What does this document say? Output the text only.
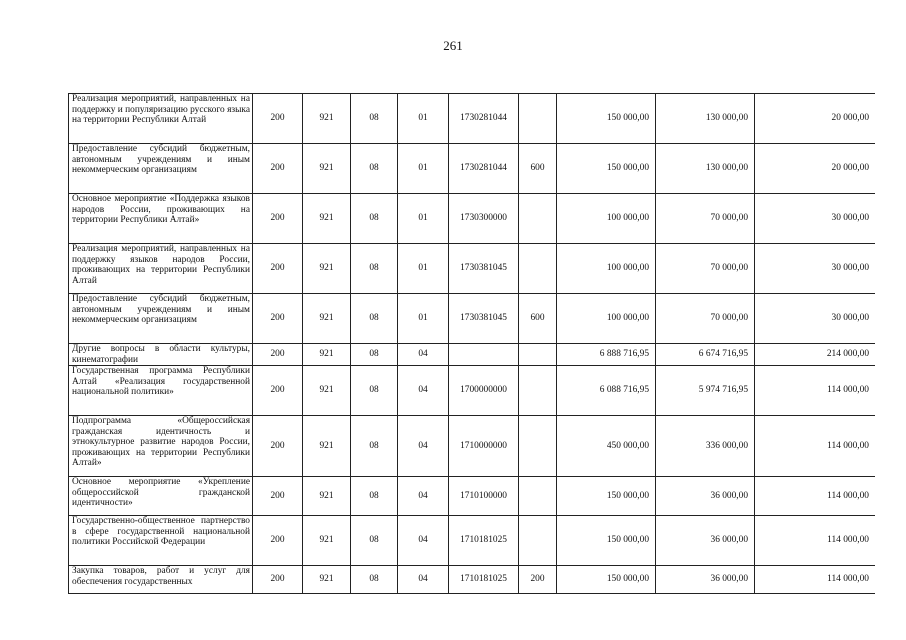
261
Реализация мероприятий, направленных на поддержку и популяризацию русского языка на территории Республики Алтай	200	921	08	01	1730281044		150 000,00	130 000,00	20 000,00
Предоставление субсидий бюджетным, автономным учреждениям и иным некоммерческим организациям	200	921	08	01	1730281044	600	150 000,00	130 000,00	20 000,00
Основное мероприятие «Поддержка языков народов России, проживающих на территории Республики Алтай»	200	921	08	01	1730300000		100 000,00	70 000,00	30 000,00
Реализация мероприятий, направленных на поддержку языков народов России, проживающих на территории Республики Алтай	200	921	08	01	1730381045		100 000,00	70 000,00	30 000,00
Предоставление субсидий бюджетным, автономным учреждениям и иным некоммерческим организациям	200	921	08	01	1730381045	600	100 000,00	70 000,00	30 000,00
Другие вопросы в области культуры, кинематографии	200	921	08	04			6 888 716,95	6 674 716,95	214 000,00
Государственная программа Республики Алтай «Реализация государственной национальной политики»	200	921	08	04	1700000000		6 088 716,95	5 974 716,95	114 000,00
Подпрограмма «Общероссийская гражданская идентичность и этнокультурное развитие народов России, проживающих на территории Республики Алтай»	200	921	08	04	1710000000		450 000,00	336 000,00	114 000,00
Основное мероприятие «Укрепление общероссийской гражданской идентичности»	200	921	08	04	1710100000		150 000,00	36 000,00	114 000,00
Государственно-общественное партнерство в сфере государственной национальной политики Российской Федерации	200	921	08	04	1710181025		150 000,00	36 000,00	114 000,00
Закупка товаров, работ и услуг для обеспечения государственных	200	921	08	04	1710181025	200	150 000,00	36 000,00	114 000,00
